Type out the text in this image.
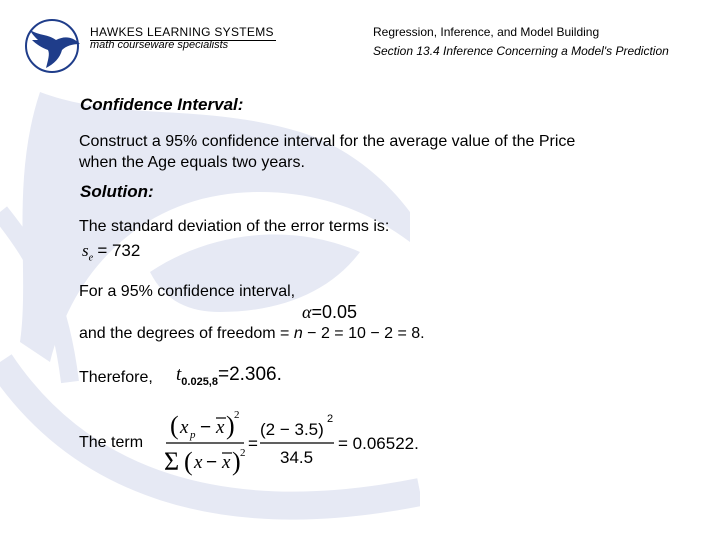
HAWKES LEARNING SYSTEMS
math courseware specialists
Regression, Inference, and Model Building
Section 13.4 Inference Concerning a Model's Prediction
Confidence Interval:
Construct a 95% confidence interval for the average value of the Price
when the Age equals two years.
Solution:
The standard deviation of the error terms is:
$s_e = 732$
For a 95% confidence interval,
α=0.05
and the degrees of freedom = n − 2 = 10 − 2 = 8.
Therefore, $t_{0.025,8}=2.306$.
The term
( x p − x ) 2
Σ ( x − x ) 2 =
(2 − 3.5)
2
34.5
= 0.06522.
